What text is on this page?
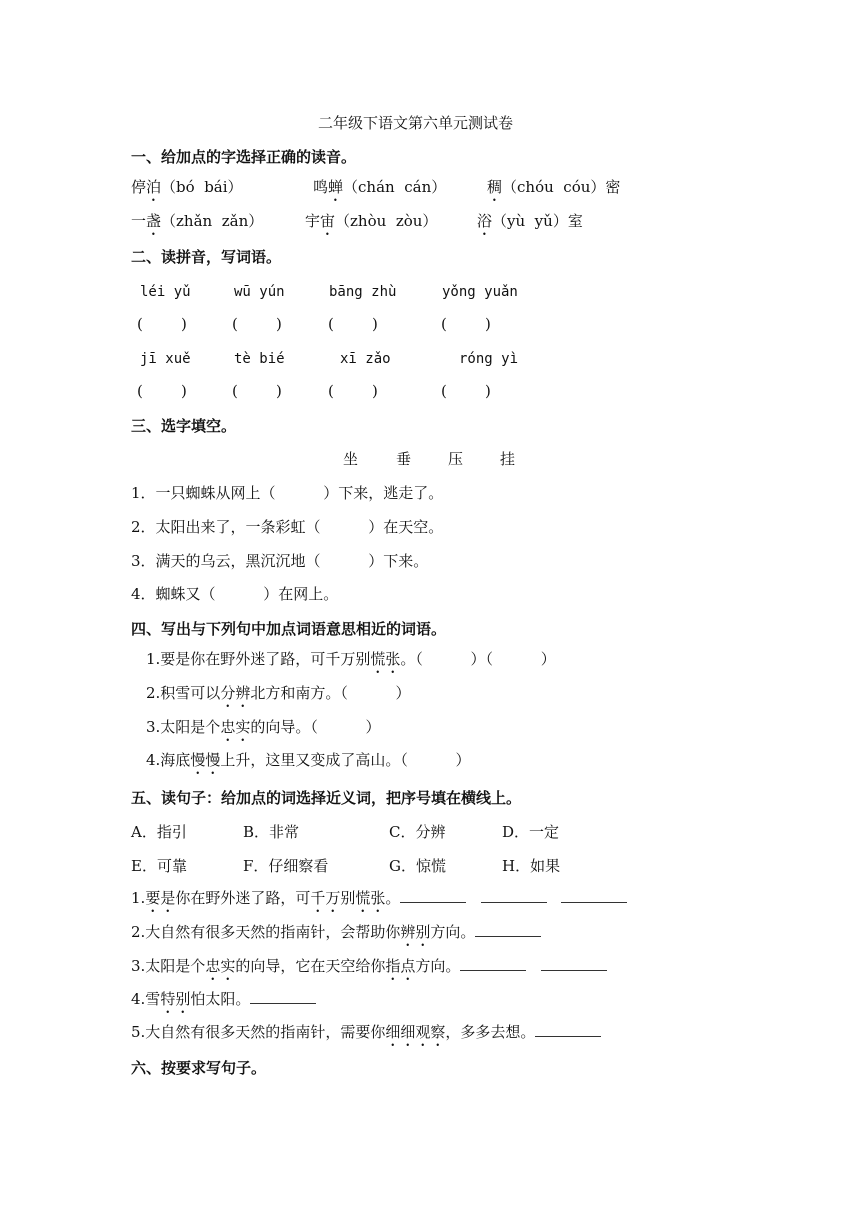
二年级下语文第六单元测试卷
一、给加点的字选择正确的读音。
停泊（bó  bái）	鸣蝉（chán  cán）	稠（chóu  cóu）密
一盏（zhǎn  zǎn）	宇宙（zhòu  zòu）	浴（yù  yǔ）室
二、读拼音，写词语。
léi yǔ	wū yún	bāng zhù	yǒng yuǎn
(        )	(        )	(        )	(        )
jī xuě	tè bié	xī zǎo	róng yì
(        )	(        )	(        )	(        )
三、选字填空。
坐	垂 压 挂
1．一只蜘蛛从网上（	）下来，逃走了。
2．太阳出来了，一条彩虹（	）在天空。
3．满天的乌云，黑沉沉地（	）下来。
4．蜘蛛又（	）在网上。
四、写出与下列句中加点词语意思相近的词语。
1.要是你在野外迷了路，可千万别慌张。（          ）（          ）
2.积雪可以分辨北方和南方。（          ）
3.太阳是个忠实的向导。（          ）
4.海底慢慢上升，这里又变成了高山。（          ）
五、读句子：给加点的词选择近义词，把序号填在横线上。
A．指引	B．非常	C．分辨	D．一定
E．可靠	F．仔细察看	G．惊慌	H．如果
1.要是你在野外迷了路，可千万别慌张。
2.大自然有很多天然的指南针，会帮助你辨别方向。
3.太阳是个忠实的向导，它在天空给你指点方向。
4.雪特别怕太阳。
5.大自然有很多天然的指南针，需要你细细观察，多多去想。
六、按要求写句子。
